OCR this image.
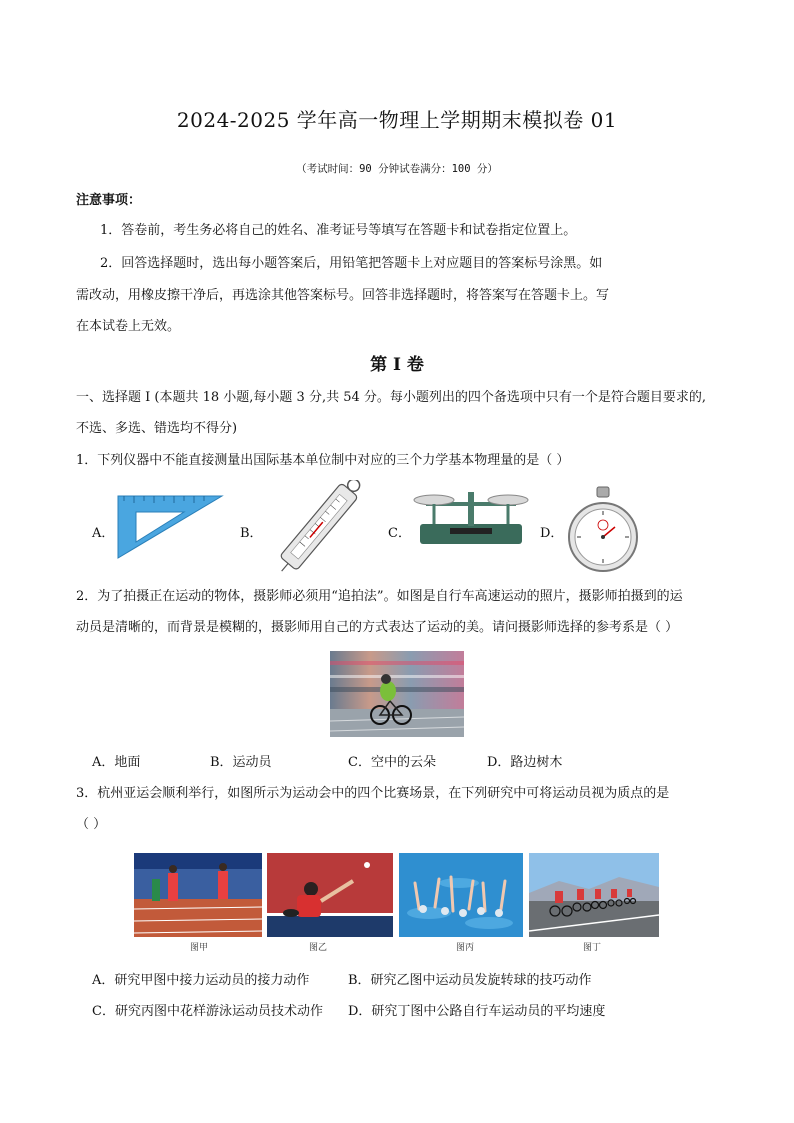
2024-2025 学年高一物理上学期期末模拟卷 01
（考试时间：90 分钟试卷满分：100 分）
注意事项：
1．答卷前，考生务必将自己的姓名、准考证号等填写在答题卡和试卷指定位置上。
2．回答选择题时，选出每小题答案后，用铅笔把答题卡上对应题目的答案标号涂黑。如
需改动，用橡皮擦干净后，再选涂其他答案标号。回答非选择题时，将答案写在答题卡上。写
在本试卷上无效。
第 I 卷
一、选择题 I (本题共 18 小题,每小题 3 分,共 54 分。每小题列出的四个备选项中只有一个是符合题目要求的,
不选、多选、错选均不得分)
1．下列仪器中不能直接测量出国际基本单位制中对应的三个力学基本物理量的是（ ）
A．	B．	C．	D．
2．为了拍摄正在运动的物体，摄影师必须用“追拍法”。如图是自行车高速运动的照片，摄影师拍摄到的运
动员是清晰的，而背景是模糊的，摄影师用自己的方式表达了运动的美。请问摄影师选择的参考系是（ ）
A．地面	B．运动员	C．空中的云朵	D．路边树木
3．杭州亚运会顺利举行，如图所示为运动会中的四个比赛场景，在下列研究中可将运动员视为质点的是
（ ）
图甲	图乙	图丙	图丁
A．研究甲图中接力运动员的接力动作	B．研究乙图中运动员发旋转球的技巧动作
C．研究丙图中花样游泳运动员技术动作 D．研究丁图中公路自行车运动员的平均速度
